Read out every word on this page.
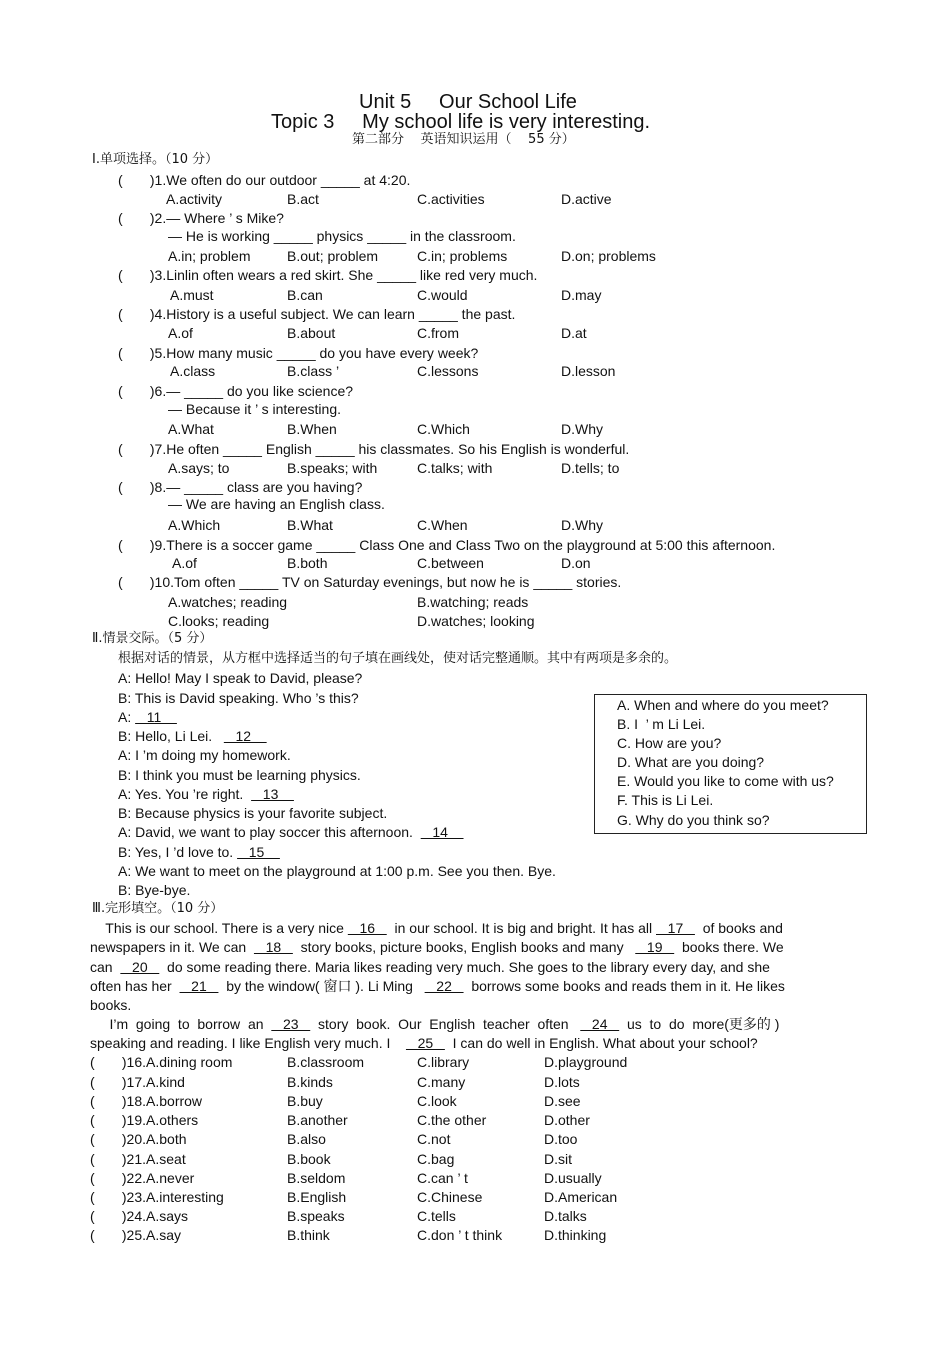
Unit 5     Our School Life
Topic 3     My school life is very interesting.
第二部分    英语知识运用（    55 分）
Ⅰ.单项选择。（10 分）
(       )1.We often do our outdoor _____ at 4:20.
A.activity	B.act	C.activities	D.active
(       )2.— Where ’ s Mike?
— He is working _____ physics _____ in the classroom.
A.in; problem	B.out; problem	C.in; problems	D.on; problems
(       )3.Linlin often wears a red skirt. She _____ like red very much.
A.must	B.can	C.would	D.may
(       )4.History is a useful subject. We can learn _____ the past.
A.of	B.about	C.from	D.at
(       )5.How many music _____ do you have every week?
A.class	B.class ’	C.lessons	D.lesson
(       )6.— _____ do you like science?
— Because it ’ s interesting.
A.What	B.When	C.Which	D.Why
(       )7.He often _____ English _____ his classmates. So his English is wonderful.
A.says; to	B.speaks; with	C.talks; with	D.tells; to
(       )8.— _____ class are you having?
— We are having an English class.
A.Which	B.What	C.When	D.Why
(       )9.There is a soccer game _____ Class One and Class Two on the playground at 5:00 this afternoon.
A.of	B.both	C.between	D.on
(       )10.Tom often _____ TV on Saturday evenings, but now he is _____ stories.
A.watches; reading	B.watching; reads
C.looks; reading	D.watches; looking
Ⅱ.情景交际。（5 分）
根据对话的情景，从方框中选择适当的句子填在画线处，使对话完整通顺。其中有两项是多余的。
A: Hello! May I speak to David, please?
B: This is David speaking. Who ’s this?
A:    11
B: Hello, Li Lei.      12
A: I ’m doing my homework.
B: I think you must be learning physics.
A: Yes. You ’re right.     13
B: Because physics is your favorite subject.
A: David, we want to play soccer this afternoon.     14
B: Yes, I ’d love to.    15
A: We want to meet on the playground at 1:00 p.m. See you then. Bye.
B: Bye-bye.
A. When and where do you meet?
B. I  ’ m Li Lei.
C. How are you?
D. What are you doing?
E. Would you like to come with us?
F. This is Li Lei.
G. Why do you think so?
Ⅲ.完形填空。（10 分）
This is our school. There is a very nice    16     in our school. It is big and bright. It has all    17     of books and
newspapers in it. We can     18     story books, picture books, English books and many      19     books there. We
can     20     do some reading there. Maria likes reading very much. She goes to the library every day, and she
often has her     21     by the window( 窗口 ). Li Ming      22     borrows some books and reads them in it. He likes
books.
I’m  going  to  borrow  an     23     story  book.  Our  English  teacher  often      24     us  to  do  more(更多的 )
speaking and reading. I like English very much. I       25     I can do well in English. What about your school?
(       )16.A.dining room	B.classroom	C.library	D.playground
(       )17.A.kind	B.kinds	C.many	D.lots
(       )18.A.borrow	B.buy	C.look	D.see
(       )19.A.others	B.another	C.the other	D.other
(       )20.A.both	B.also	C.not	D.too
(       )21.A.seat	B.book	C.bag	D.sit
(       )22.A.never	B.seldom	C.can ’ t	D.usually
(       )23.A.interesting	B.English	C.Chinese	D.American
(       )24.A.says	B.speaks	C.tells	D.talks
(       )25.A.say	B.think	C.don ’ t think	D.thinking
